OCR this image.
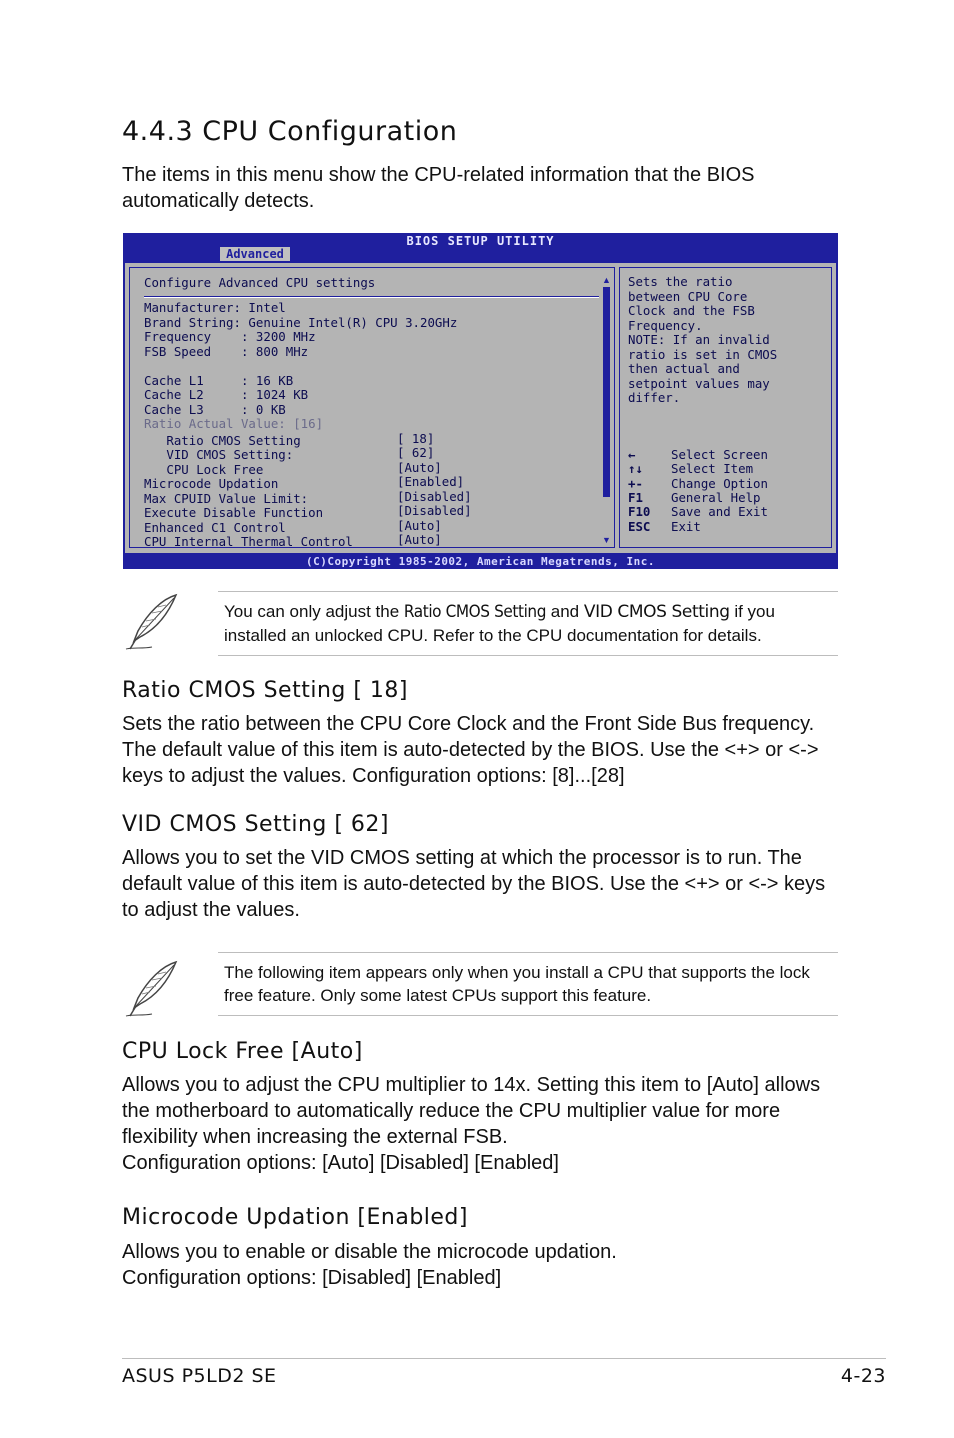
4.4.3 CPU Configuration

The items in this menu show the CPU-related information that the BIOS automatically detects.

BIOS SETUP UTILITY
Advanced
Configure Advanced CPU settings
Manufacturer: Intel
Brand String: Genuine Intel(R) CPU 3.20GHz
Frequency    : 3200 MHz
FSB Speed    : 800 MHz
Cache L1     : 16 KB
Cache L2     : 1024 KB
Cache L3     : 0 KB
Ratio Actual Value: [16]
Ratio CMOS Setting	[ 18]
VID CMOS Setting:	[ 62]
CPU Lock Free	[Auto]
Microcode Updation	[Enabled]
Max CPUID Value Limit:	[Disabled]
Execute Disable Function	[Disabled]
Enhanced C1 Control	[Auto]
CPU Internal Thermal Control	[Auto]
▲
▼
Sets the ratio
between CPU Core
Clock and the FSB
Frequency.
NOTE: If an invalid
ratio is set in CMOS
then actual and
setpoint values may
differ.
←	Select Screen
↑↓ Select Item
+- Change Option
F1 General Help
F10 Save and Exit
ESC Exit
(C)Copyright 1985-2002, American Megatrends, Inc.

You can only adjust the Ratio CMOS Setting and VID CMOS Setting if you installed an unlocked CPU. Refer to the CPU documentation for details.

Ratio CMOS Setting [ 18]

Sets the ratio between the CPU Core Clock and the Front Side Bus frequency. The default value of this item is auto-detected by the BIOS. Use the <+> or <-> keys to adjust the values. Configuration options: [8]...[28]

VID CMOS Setting [ 62]

Allows you to set the VID CMOS setting at which the processor is to run. The default value of this item is auto-detected by the BIOS. Use the <+> or <-> keys to adjust the values.

The following item appears only when you install a CPU that supports the lock free feature. Only some latest CPUs support this feature.

CPU Lock Free [Auto]

Allows you to adjust the CPU multiplier to 14x. Setting this item to [Auto] allows the motherboard to automatically reduce the CPU multiplier value for more flexibility when increasing the external FSB.

Configuration options: [Auto] [Disabled] [Enabled]

Microcode Updation [Enabled]

Allows you to enable or disable the microcode updation.

Configuration options: [Disabled] [Enabled]

ASUS P5LD2 SE	4-23
